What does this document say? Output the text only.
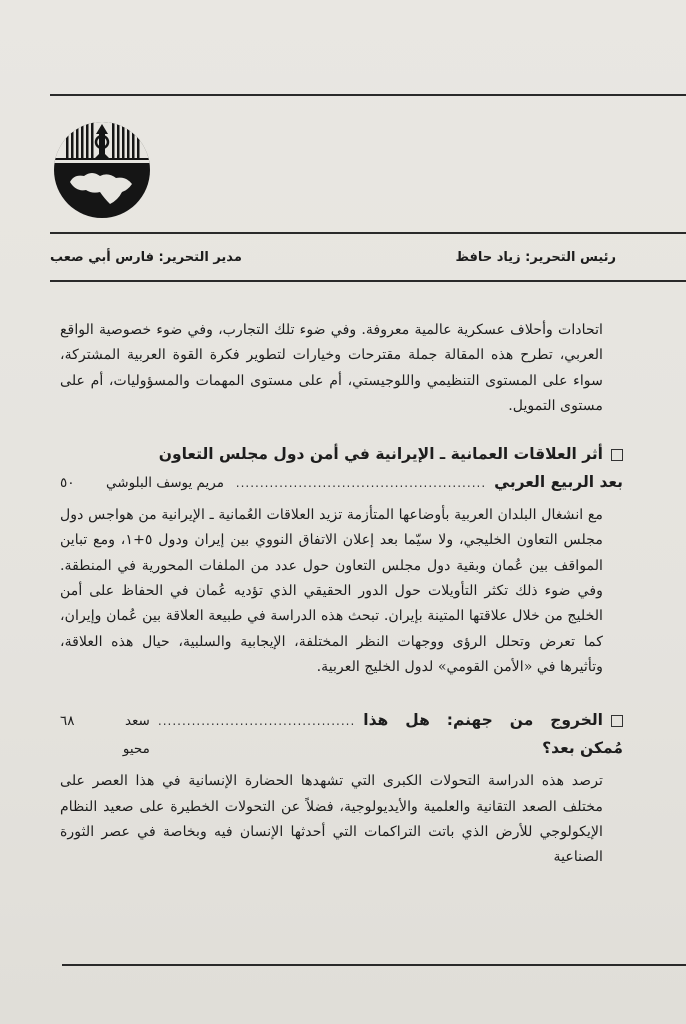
رئيس التحرير: زياد حافظ
مدير التحرير: فارس أبي صعب

اتحادات وأحلاف عسكرية عالمية معروفة. وفي ضوء تلك التجارب، وفي ضوء خصوصية الواقع العربي، تطرح هذه المقالة جملة مقترحات وخيارات لتطوير فكرة القوة العربية المشتركة، سواء على المستوى التنظيمي واللوجيستي، أم على مستوى المهمات والمسؤوليات، أم على مستوى التمويل.

أثر العلاقات العمانية ـ الإيرانية في أمن دول مجلس التعاون
بعد الربيع العربي
....................................................
مريم يوسف البلوشي
٥٠

مع انشغال البلدان العربية بأوضاعها المتأزمة تزيد العلاقات العُمانية ـ الإيرانية من هواجس دول مجلس التعاون الخليجي، ولا سيّما بعد إعلان الاتفاق النووي بين إيران ودول ٥+١، ومع تباين المواقف بين عُمان وبقية دول مجلس التعاون حول عدد من الملفات المحورية في المنطقة. وفي ضوء ذلك تكثر التأويلات حول الدور الحقيقي الذي تؤديه عُمان في الحفاظ على أمن الخليج من خلال علاقتها المتينة بإيران. تبحث هذه الدراسة في طبيعة العلاقة بين عُمان وإيران، كما تعرض وتحلل الرؤى ووجهات النظر المختلفة، الإيجابية والسلبية، حيال هذه العلاقة، وتأثيرها في «الأمن القومي» لدول الخليج العربية.

الخروج من جهنم: هل هذا مُمكن بعد؟
.........................................
سعد محيو
٦٨

ترصد هذه الدراسة التحولات الكبرى التي تشهدها الحضارة الإنسانية في هذا العصر على مختلف الصعد التقانية والعلمية والأيديولوجية، فضلاً عن التحولات الخطيرة على صعيد النظام الإيكولوجي للأرض الذي باتت التراكمات التي أحدثها الإنسان فيه وبخاصة في عصر الثورة الصناعية
